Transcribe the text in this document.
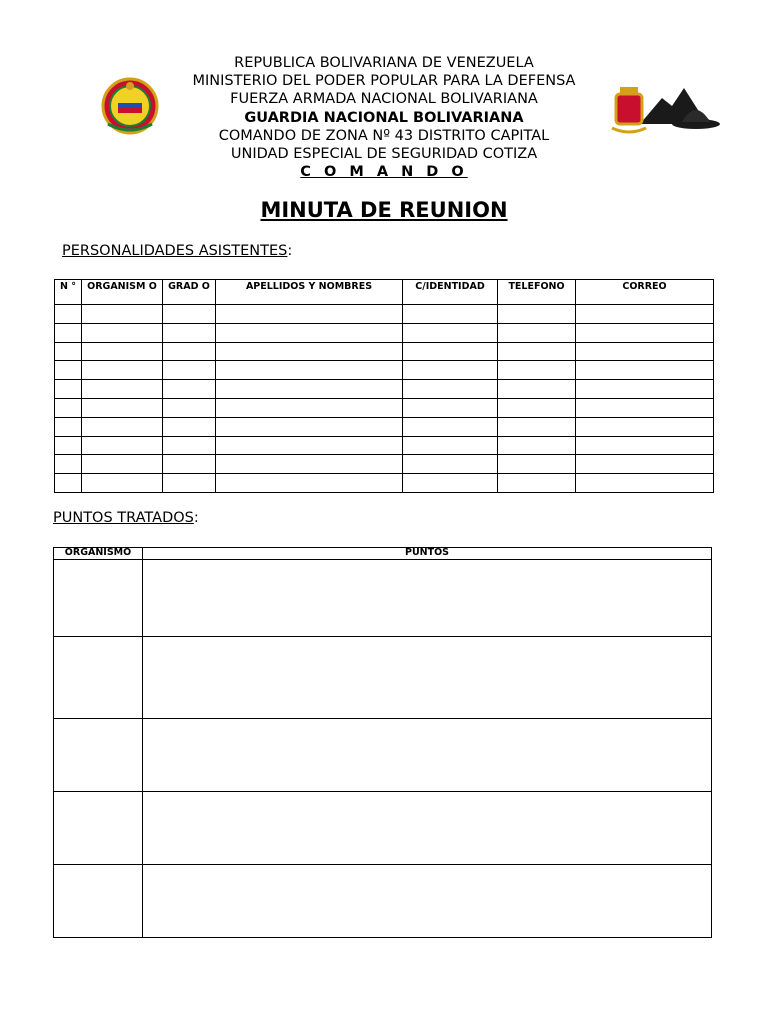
REPUBLICA BOLIVARIANA DE VENEZUELA
MINISTERIO DEL PODER POPULAR PARA LA DEFENSA
FUERZA ARMADA NACIONAL BOLIVARIANA
GUARDIA NACIONAL BOLIVARIANA
COMANDO DE ZONA Nº 43 DISTRITO CAPITAL
UNIDAD ESPECIAL DE SEGURIDAD COTIZA
C O M A N D O
MINUTA DE REUNION
PERSONALIDADES ASISTENTES:
N °	ORGANISM O	GRAD O	APELLIDOS Y NOMBRES	C/IDENTIDAD	TELEFONO	CORREO

PUNTOS TRATADOS:
ORGANISMO	PUNTOS
